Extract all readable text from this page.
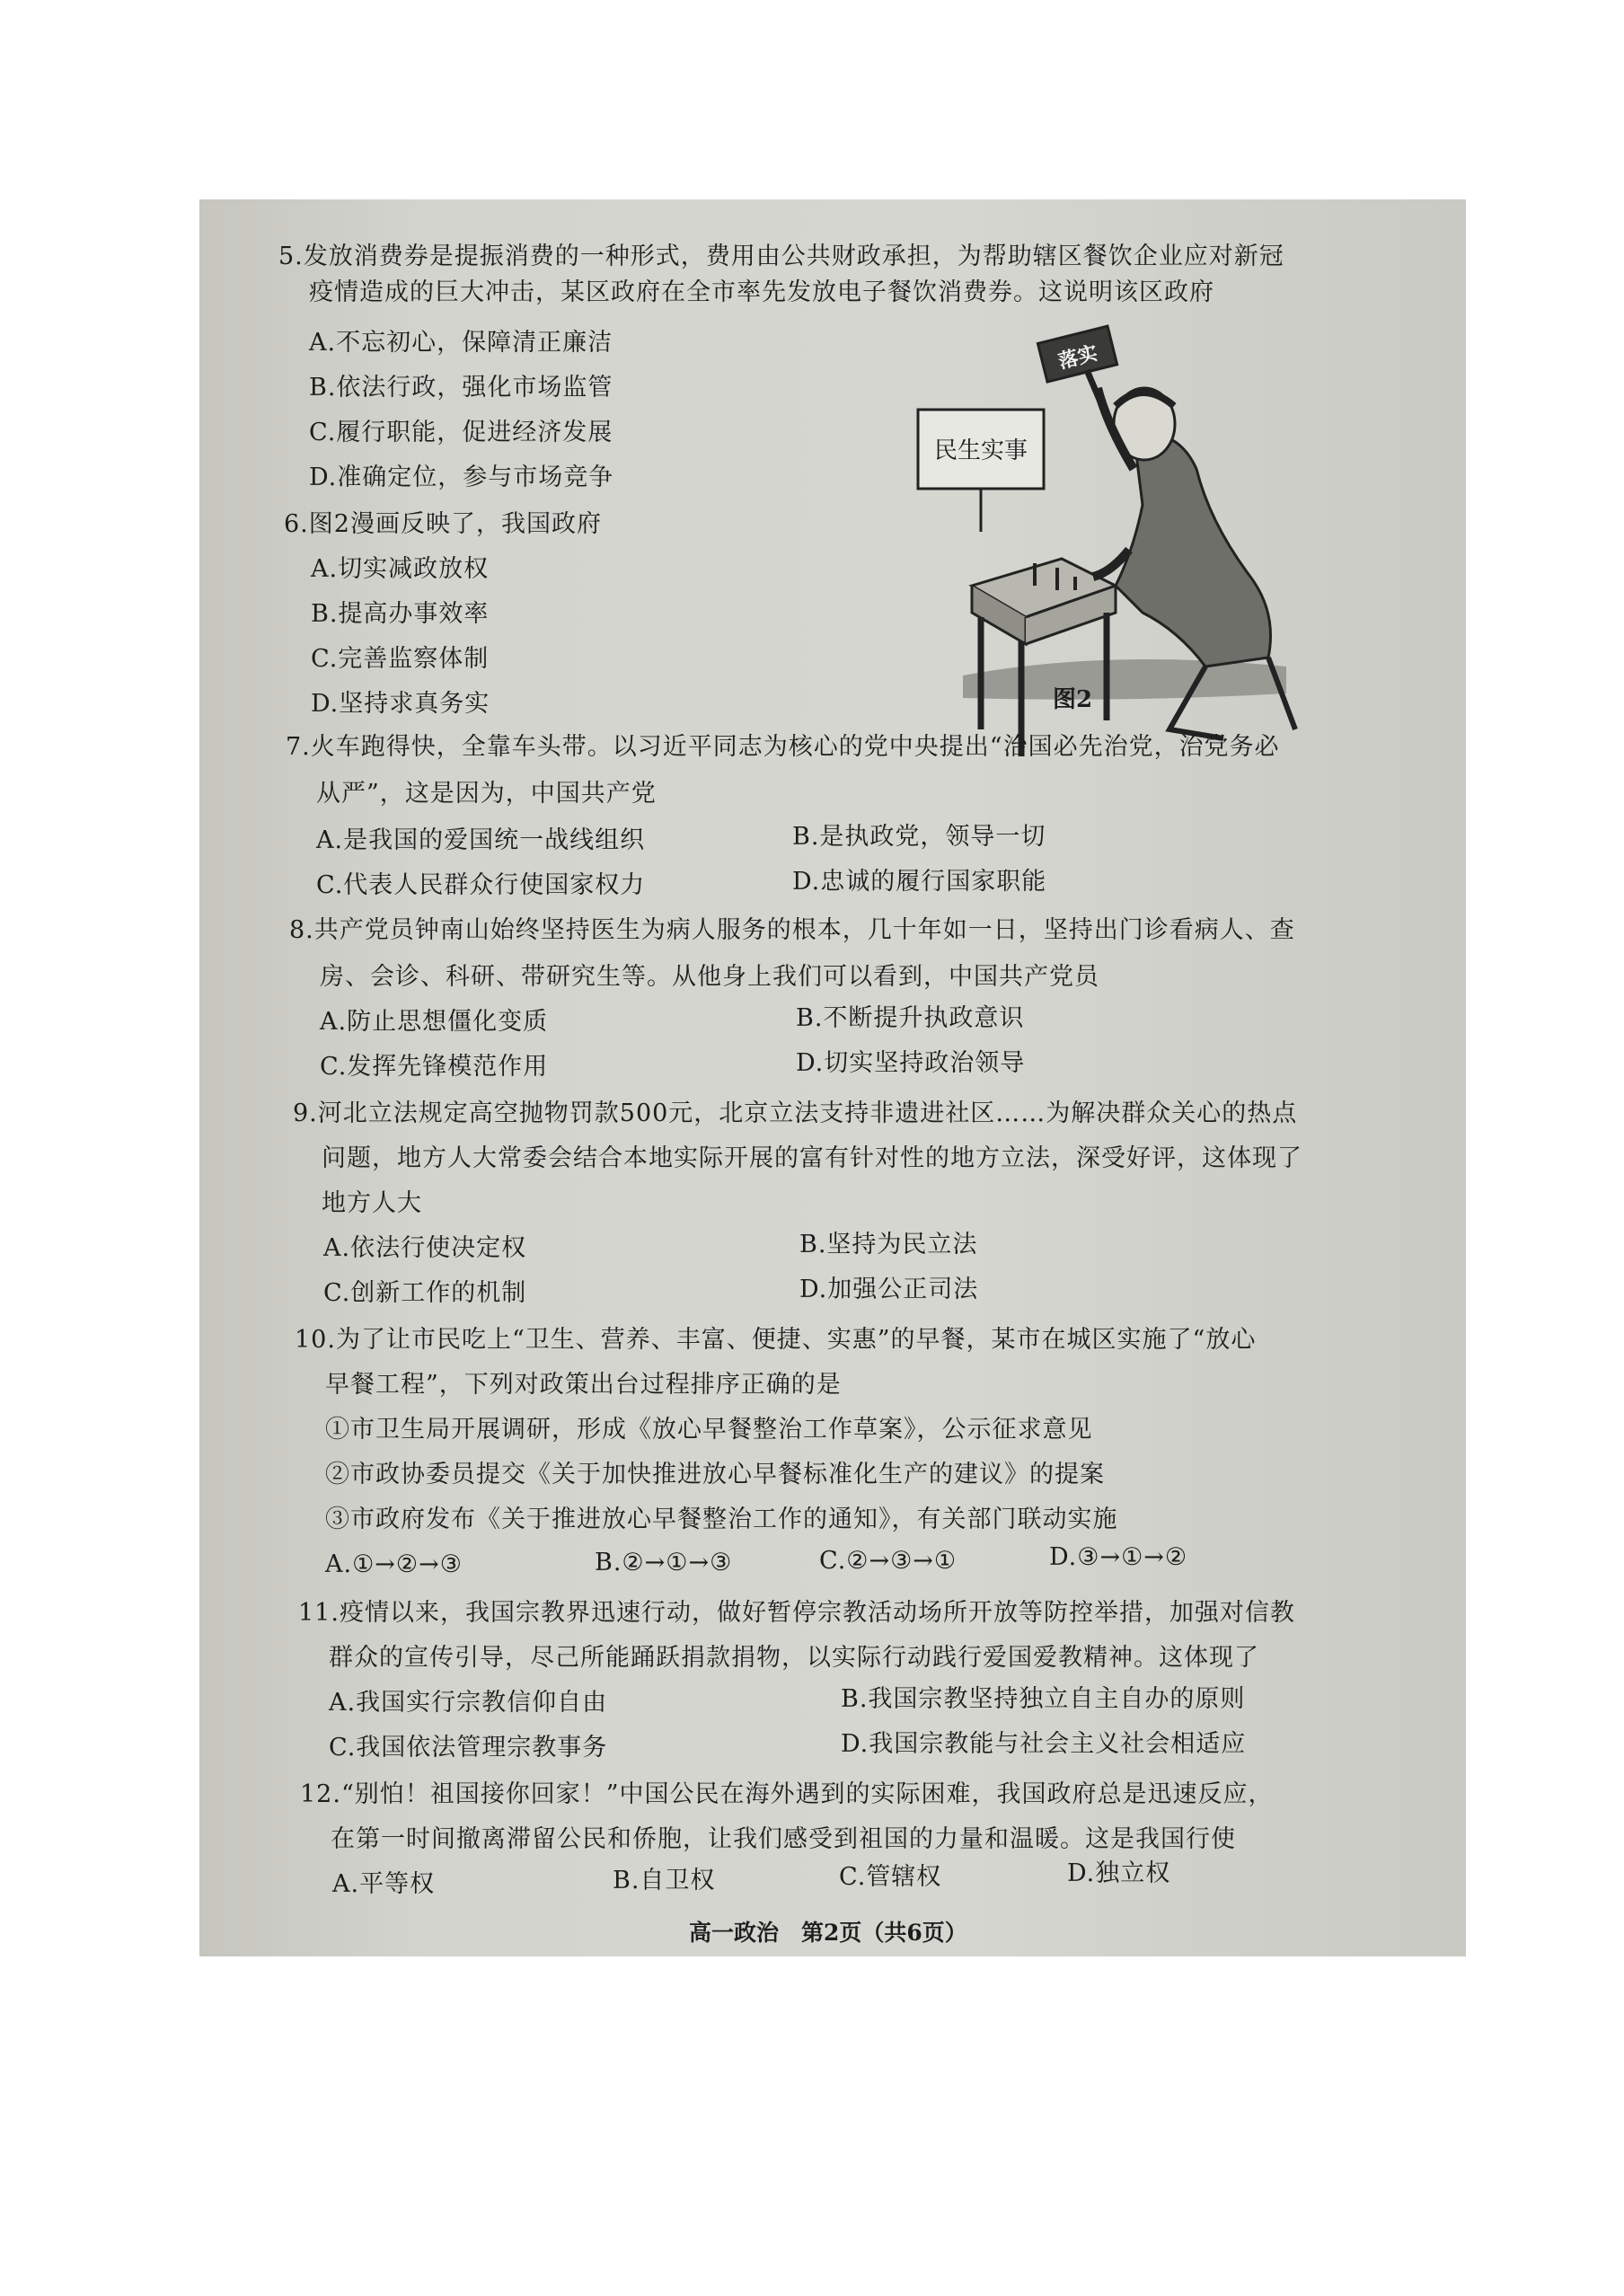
5.发放消费券是提振消费的一种形式，费用由公共财政承担，为帮助辖区餐饮企业应对新冠
疫情造成的巨大冲击，某区政府在全市率先发放电子餐饮消费券。这说明该区政府
A.不忘初心，保障清正廉洁
B.依法行政，强化市场监管
C.履行职能，促进经济发展
D.准确定位，参与市场竞争
6.图2漫画反映了，我国政府
A.切实减政放权
B.提高办事效率
C.完善监察体制
D.坚持求真务实
民生实事
落实
图2
7.火车跑得快，全靠车头带。以习近平同志为核心的党中央提出“治国必先治党，治党务必
从严”，这是因为，中国共产党
A.是我国的爱国统一战线组织	B.是执政党，领导一切
C.代表人民群众行使国家权力	D.忠诚的履行国家职能
8.共产党员钟南山始终坚持医生为病人服务的根本，几十年如一日，坚持出门诊看病人、查
房、会诊、科研、带研究生等。从他身上我们可以看到，中国共产党员
A.防止思想僵化变质	B.不断提升执政意识
C.发挥先锋模范作用	D.切实坚持政治领导
9.河北立法规定高空抛物罚款500元，北京立法支持非遗进社区……为解决群众关心的热点
问题，地方人大常委会结合本地实际开展的富有针对性的地方立法，深受好评，这体现了
地方人大
A.依法行使决定权	B.坚持为民立法
C.创新工作的机制	D.加强公正司法
10.为了让市民吃上“卫生、营养、丰富、便捷、实惠”的早餐，某市在城区实施了“放心
早餐工程”，下列对政策出台过程排序正确的是
①市卫生局开展调研，形成《放心早餐整治工作草案》，公示征求意见
②市政协委员提交《关于加快推进放心早餐标准化生产的建议》的提案
③市政府发布《关于推进放心早餐整治工作的通知》，有关部门联动实施
A.①→②→③	B.②→①→③	C.②→③→①	D.③→①→②
11.疫情以来，我国宗教界迅速行动，做好暂停宗教活动场所开放等防控举措，加强对信教
群众的宣传引导，尽己所能踊跃捐款捐物，以实际行动践行爱国爱教精神。这体现了
A.我国实行宗教信仰自由	B.我国宗教坚持独立自主自办的原则
C.我国依法管理宗教事务	D.我国宗教能与社会主义社会相适应
12.“别怕！祖国接你回家！”中国公民在海外遇到的实际困难，我国政府总是迅速反应，
在第一时间撤离滞留公民和侨胞，让我们感受到祖国的力量和温暖。这是我国行使
A.平等权	B.自卫权	C.管辖权	D.独立权
高一政治　第2页（共6页）
